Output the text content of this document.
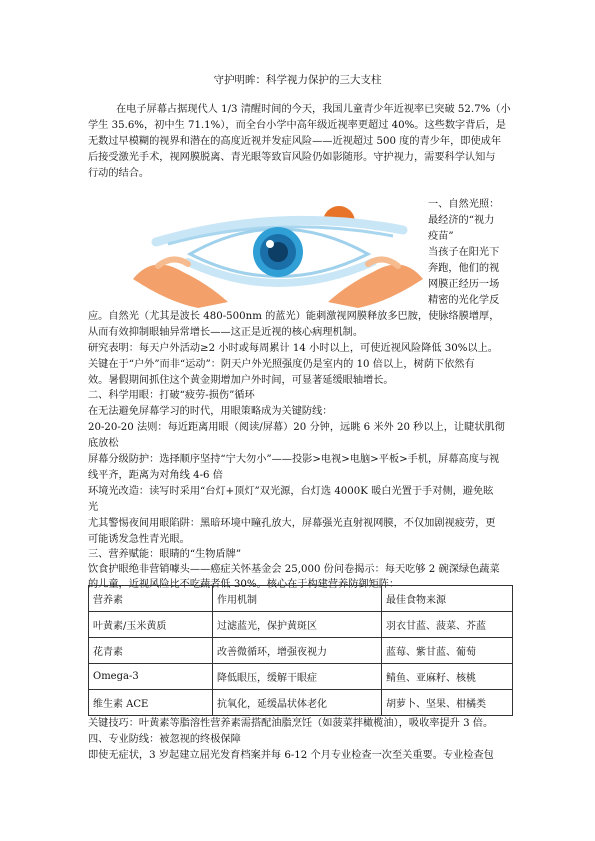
守护明眸：科学视力保护的三大支柱
在电子屏幕占据现代人 1/3 清醒时间的今天，我国儿童青少年近视率已突破 52.7%（小
学生 35.6%，初中生 71.1%），而全台小学中高年级近视率更超过 40%。这些数字背后，是
无数过早模糊的视界和潜在的高度近视并发症风险——近视超过 500 度的青少年，即使成年
后接受激光手术，视网膜脱离、青光眼等致盲风险仍如影随形。守护视力，需要科学认知与
行动的结合。
一、自然光照：
最经济的“视力
疫苗”
当孩子在阳光下
奔跑，他们的视
网膜正经历一场
精密的光化学反
应。自然光（尤其是波长 480-500nm 的蓝光）能刺激视网膜释放多巴胺，使脉络膜增厚，
从而有效抑制眼轴异常增长——这正是近视的核心病理机制。
研究表明：每天户外活动≥2 小时或每周累计 14 小时以上，可使近视风险降低 30%以上。
关键在于“户外”而非“运动”：阴天户外光照强度仍是室内的 10 倍以上，树荫下依然有
效。暑假期间抓住这个黄金期增加户外时间，可显著延缓眼轴增长。
二、科学用眼：打破“疲劳-损伤”循环
在无法避免屏幕学习的时代，用眼策略成为关键防线：
20-20-20 法则：每近距离用眼（阅读/屏幕）20 分钟，远眺 6 米外 20 秒以上，让睫状肌彻
底放松
屏幕分级防护：选择顺序坚持“宁大勿小”——投影>电视>电脑>平板>手机，屏幕高度与视
线平齐，距离为对角线 4-6 倍
环境光改造：读写时采用“台灯+顶灯”双光源，台灯选 4000K 暖白光置于手对侧，避免眩
光
尤其警惕夜间用眼陷阱：黑暗环境中瞳孔放大，屏幕强光直射视网膜，不仅加剧视疲劳，更
可能诱发急性青光眼。
三、营养赋能：眼睛的“生物盾牌”
饮食护眼绝非营销噱头——癌症关怀基金会 25,000 份问卷揭示：每天吃够 2 碗深绿色蔬菜
的儿童，近视风险比不吃蔬者低 30%。核心在于构建营养防御矩阵：
营养素	作用机制	最佳食物来源
叶黄素/玉米黄质	过滤蓝光，保护黄斑区	羽衣甘蓝、菠菜、芥蓝
花青素	改善微循环，增强夜视力	蓝莓、紫甘蓝、葡萄
Omega-3	降低眼压，缓解干眼症	鲭鱼、亚麻籽、核桃
维生素 ACE	抗氧化，延缓晶状体老化	胡萝卜、坚果、柑橘类
关键技巧：叶黄素等脂溶性营养素需搭配油脂烹饪（如菠菜拌橄榄油），吸收率提升 3 倍。
四、专业防线：被忽视的终极保障
即使无症状，3 岁起建立屈光发育档案并每 6-12 个月专业检查一次至关重要。专业检查包
